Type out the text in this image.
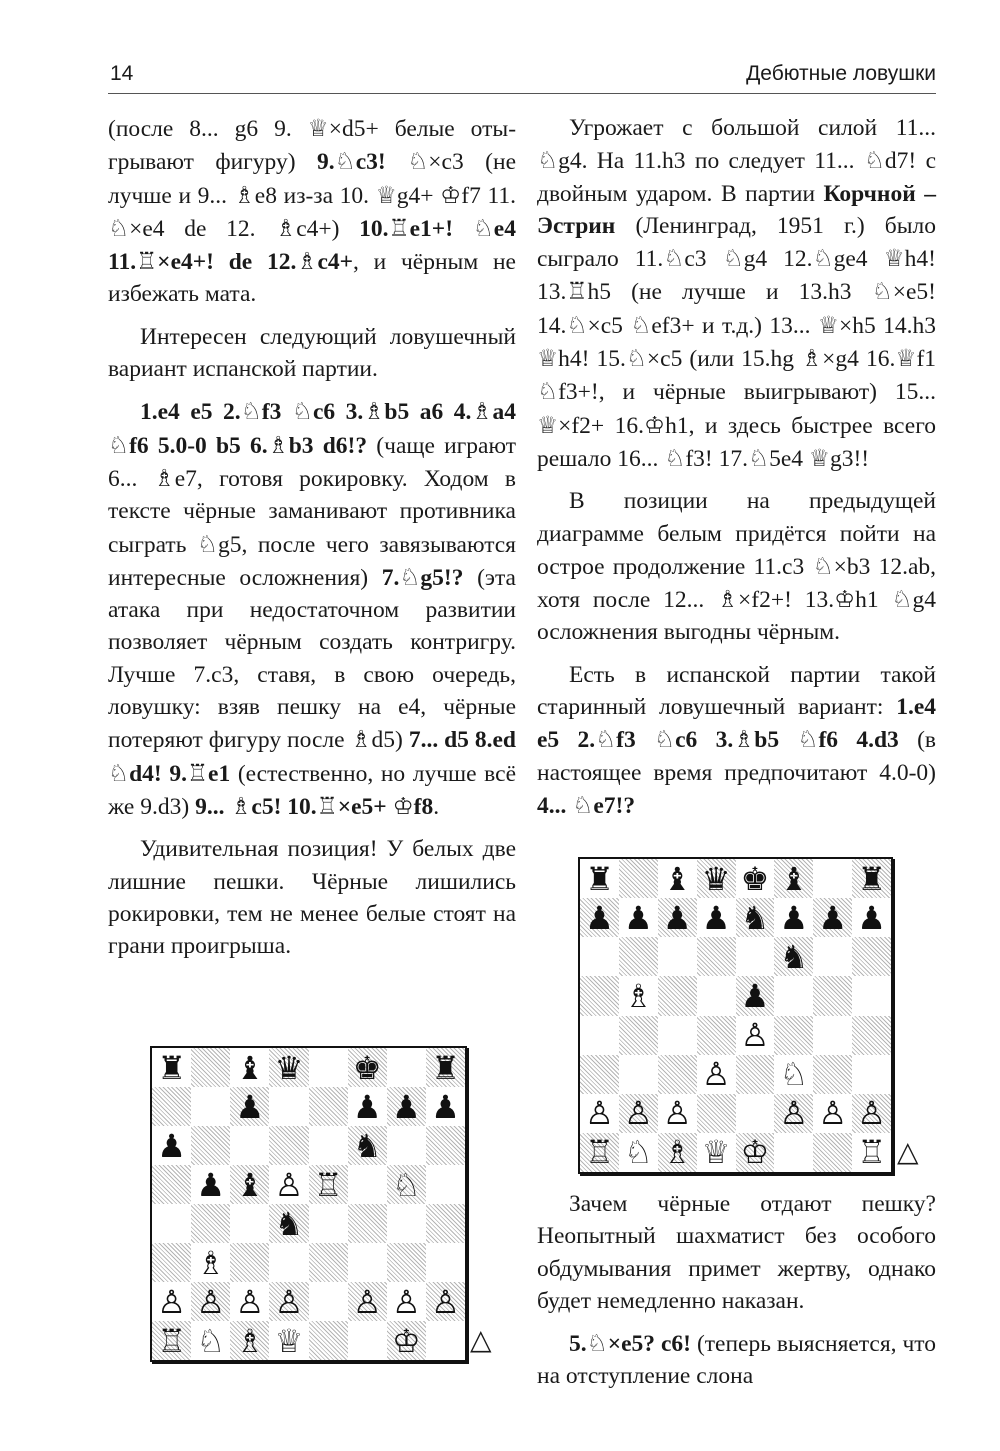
14	Дебютные ловушки

(после 8... g6 9. ♕×d5+ белые отыгрывают фигуру) 9.♘c3! ♘×c3 (не лучше и 9... ♗e8 из-за 10. ♕g4+ ♔f7 11. ♘×e4 de 12. ♗c4+) 10.♖e1+! ♘e4 11.♖×e4+! de 12.♗c4+, и чёрным не избежать мата.

Интересен следующий ловушечный вариант испанской партии.

1.e4 e5 2.♘f3 ♘c6 3.♗b5 a6 4.♗a4 ♘f6 5.0-0 b5 6.♗b3 d6!? (чаще играют 6... ♗e7, готовя рокировку. Ходом в тексте чёрные заманивают противника сыграть ♘g5, после чего завязываются интересные осложнения) 7.♘g5!? (эта атака при недостаточном развитии позволяет чёрным создать контригру. Лучше 7.c3, ставя, в свою очередь, ловушку: взяв пешку на e4, чёрные потеряют фигуру после ♗d5) 7... d5 8.ed ♘d4! 9.♖e1 (естественно, но лучше всё же 9.d3) 9... ♗c5! 10.♖×e5+ ♔f8.

Удивительная позиция! У белых две лишние пешки. Чёрные лишились рокировки, тем не менее белые стоят на грани проигрыша.

Угрожает с большой силой 11... ♘g4. На 11.h3 по следует 11... ♘d7! с двойным ударом. В партии Корчной – Эстрин (Ленинград, 1951 г.) было сыграло 11.♘c3 ♘g4 12.♘ge4 ♕h4! 13.♖h5 (не лучше и 13.h3 ♘×e5! 14.♘×c5 ♘ef3+ и т.д.) 13... ♕×h5 14.h3 ♕h4! 15.♘×c5 (или 15.hg ♗×g4 16.♕f1 ♘f3+!, и чёрные выигрывают) 15... ♕×f2+ 16.♔h1, и здесь быстрее всего решало 16... ♘f3! 17.♘5e4 ♕g3!!

В позиции на предыдущей диаграмме белым придётся пойти на острое продолжение 11.c3 ♘×b3 12.ab, хотя после 12... ♗×f2+! 13.♔h1 ♘g4 осложнения выгодны чёрным.

Есть в испанской партии такой старинный ловушечный вариант: 1.e4 e5 2.♘f3 ♘c6 3.♗b5 ♘f6 4.d3 (в настоящее время предпочитают 4.0-0) 4... ♘e7!?

Зачем чёрные отдают пешку? Неопытный шахматист без особого обдумывания примет жертву, однако будет немедленно наказан.

5.♘×e5? c6! (теперь выясняется, что на отступление слона

♜ ♝ ♛ ♚ ♜
♟	♟ ♟ ♟
♟	♞
♟ ♝ ♙ ♖ ♘
♞
♗
♙ ♙ ♙ ♙ ♙ ♙ ♙
♖ ♘ ♗ ♕	♔ △
♜ ♝ ♛ ♚ ♝ ♜
♟ ♟ ♟ ♟ ♞ ♟ ♟ ♟
♞
♗	♟
♙
♙ ♘
♙ ♙ ♙	♙ ♙ ♙
♖ ♘ ♗ ♕ ♔	♖ △
